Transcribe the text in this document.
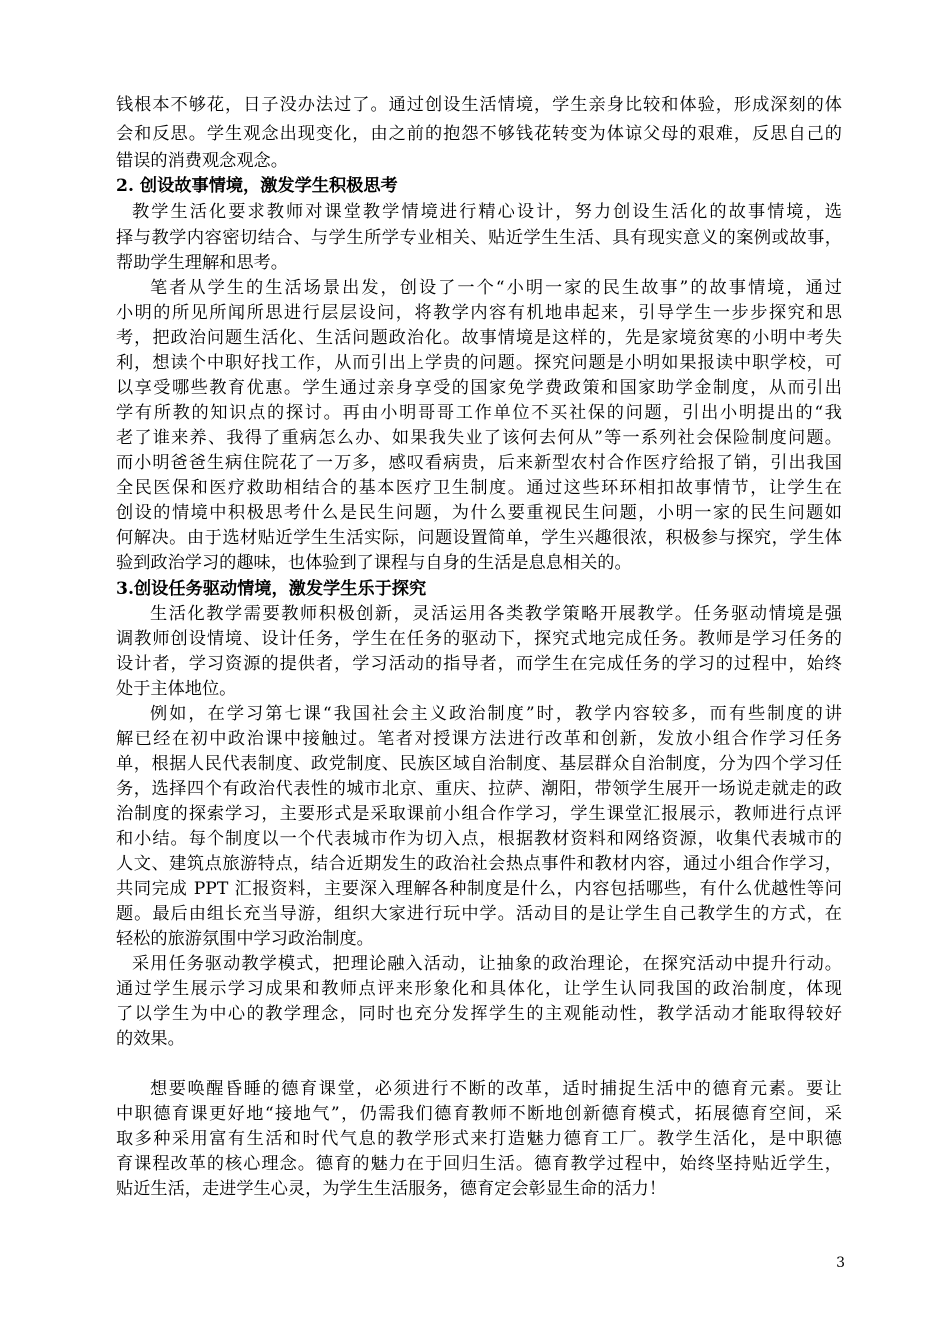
钱根本不够花，日子没办法过了。通过创设生活情境，学生亲身比较和体验，形成深刻的体
会和反思。学生观念出现变化，由之前的抱怨不够钱花转变为体谅父母的艰难，反思自己的
错误的消费观念观念。
2. 创设故事情境，激发学生积极思考
教学生活化要求教师对课堂教学情境进行精心设计，努力创设生活化的故事情境，选
择与教学内容密切结合、与学生所学专业相关、贴近学生生活、具有现实意义的案例或故事，
帮助学生理解和思考。
笔者从学生的生活场景出发，创设了一个“小明一家的民生故事”的故事情境，通过
小明的所见所闻所思进行层层设问，将教学内容有机地串起来，引导学生一步步探究和思
考，把政治问题生活化、生活问题政治化。故事情境是这样的，先是家境贫寒的小明中考失
利，想读个中职好找工作，从而引出上学贵的问题。探究问题是小明如果报读中职学校，可
以享受哪些教育优惠。学生通过亲身享受的国家免学费政策和国家助学金制度，从而引出
学有所教的知识点的探讨。再由小明哥哥工作单位不买社保的问题，引出小明提出的“我
老了谁来养、我得了重病怎么办、如果我失业了该何去何从”等一系列社会保险制度问题。
而小明爸爸生病住院花了一万多，感叹看病贵，后来新型农村合作医疗给报了销，引出我国
全民医保和医疗救助相结合的基本医疗卫生制度。通过这些环环相扣故事情节，让学生在
创设的情境中积极思考什么是民生问题，为什么要重视民生问题，小明一家的民生问题如
何解决。由于选材贴近学生生活实际，问题设置简单，学生兴趣很浓，积极参与探究，学生体
验到政治学习的趣味，也体验到了课程与自身的生活是息息相关的。
3.创设任务驱动情境，激发学生乐于探究
生活化教学需要教师积极创新，灵活运用各类教学策略开展教学。任务驱动情境是强
调教师创设情境、设计任务，学生在任务的驱动下，探究式地完成任务。教师是学习任务的
设计者，学习资源的提供者，学习活动的指导者，而学生在完成任务的学习的过程中，始终
处于主体地位。
例如，在学习第七课“我国社会主义政治制度”时，教学内容较多，而有些制度的讲
解已经在初中政治课中接触过。笔者对授课方法进行改革和创新，发放小组合作学习任务
单，根据人民代表制度、政党制度、民族区域自治制度、基层群众自治制度，分为四个学习任
务，选择四个有政治代表性的城市北京、重庆、拉萨、潮阳，带领学生展开一场说走就走的政
治制度的探索学习，主要形式是采取课前小组合作学习，学生课堂汇报展示，教师进行点评
和小结。每个制度以一个代表城市作为切入点，根据教材资料和网络资源，收集代表城市的
人文、建筑点旅游特点，结合近期发生的政治社会热点事件和教材内容，通过小组合作学习，
共同完成 PPT 汇报资料，主要深入理解各种制度是什么，内容包括哪些，有什么优越性等问
题。最后由组长充当导游，组织大家进行玩中学。活动目的是让学生自己教学生的方式，在
轻松的旅游氛围中学习政治制度。
采用任务驱动教学模式，把理论融入活动，让抽象的政治理论，在探究活动中提升行动。
通过学生展示学习成果和教师点评来形象化和具体化，让学生认同我国的政治制度，体现
了以学生为中心的教学理念，同时也充分发挥学生的主观能动性，教学活动才能取得较好
的效果。
想要唤醒昏睡的德育课堂，必须进行不断的改革，适时捕捉生活中的德育元素。要让
中职德育课更好地“接地气”，仍需我们德育教师不断地创新德育模式，拓展德育空间，采
取多种采用富有生活和时代气息的教学形式来打造魅力德育工厂。教学生活化，是中职德
育课程改革的核心理念。德育的魅力在于回归生活。德育教学过程中，始终坚持贴近学生，
贴近生活，走进学生心灵，为学生生活服务，德育定会彰显生命的活力！
3
